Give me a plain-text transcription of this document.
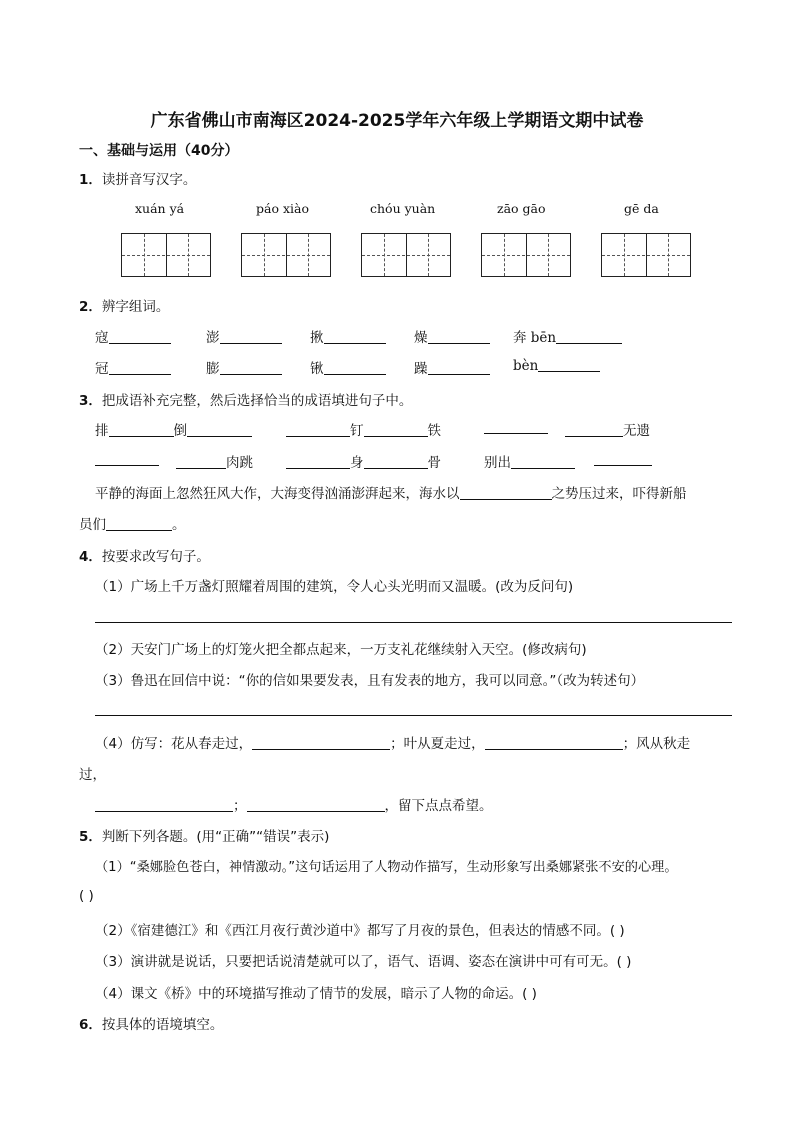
广东省佛山市南海区2024-2025学年六年级上学期语文期中试卷
一、基础与运用（40分）
1．读拼音写汉字。
xuán yá	páo xiào	chóu yuàn	zāo gāo	gē da
2．辨字组词。
寇	澎	揪	燥	奔 bēn
冠	膨	锹	躁	bèn
3．把成语补充完整，然后选择恰当的成语填进句子中。
排	倒	钉	铁	无遗
肉跳	身	骨	别出
平静的海面上忽然狂风大作，大海变得汹涌澎湃起来，海水以	之势压过来，吓得新船
员们	。
4．按要求改写句子。
（1）广场上千万盏灯照耀着周围的建筑，令人心头光明而又温暖。(改为反问句)
（2）天安门广场上的灯笼火把全都点起来，一万支礼花继续射入天空。(修改病句)
（3）鲁迅在回信中说：“你的信如果要发表，且有发表的地方，我可以同意。”（改为转述句）
（4）仿写：花从春走过，	；叶从夏走过，	；风从秋走
过，
；	，留下点点希望。
5．判断下列各题。(用“正确”“错误”表示)
（1）“桑娜脸色苍白，神情激动。”这句话运用了人物动作描写，生动形象写出桑娜紧张不安的心理。
( )
（2）《宿建德江》和《西江月夜行黄沙道中》都写了月夜的景色，但表达的情感不同。( )
（3）演讲就是说话，只要把话说清楚就可以了，语气、语调、姿态在演讲中可有可无。( )
（4）课文《桥》中的环境描写推动了情节的发展，暗示了人物的命运。( )
6．按具体的语境填空。
